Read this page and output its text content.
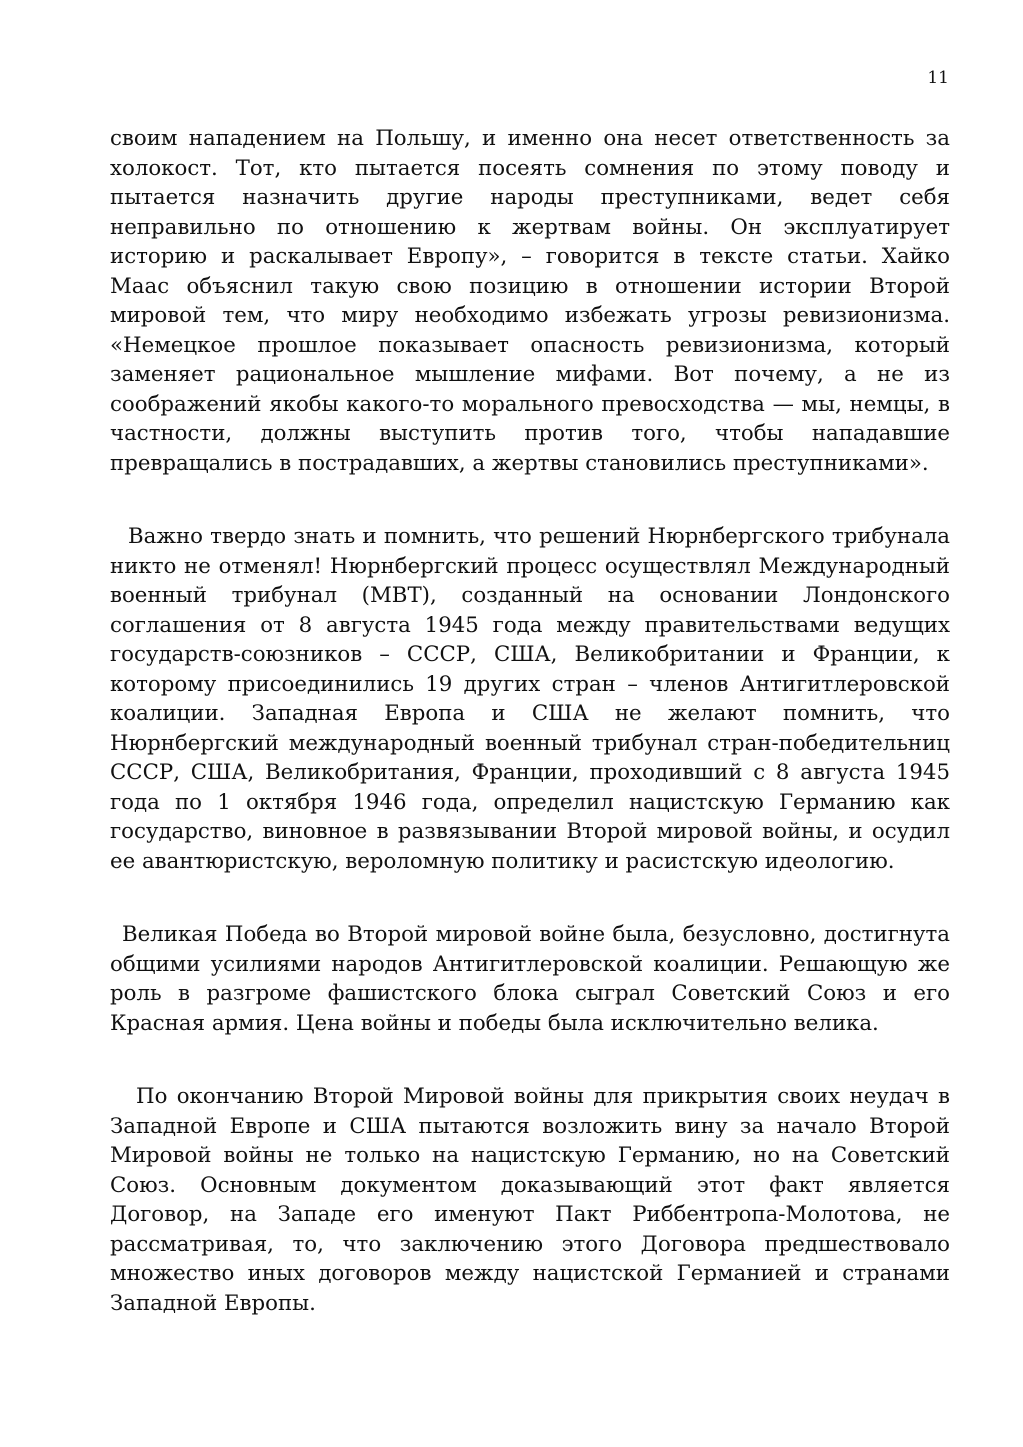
11

своим нападением на Польшу, и именно она несет ответственность за холокост. Тот, кто пытается посеять сомнения по этому поводу и пытается назначить другие народы преступниками, ведет себя неправильно по отношению к жертвам войны. Он эксплуатирует историю и раскалывает Европу», – говорится в тексте статьи. Хайко Маас объяснил такую свою позицию в отношении истории Второй мировой тем, что миру необходимо избежать угрозы ревизионизма. «Немецкое прошлое показывает опасность ревизионизма, который заменяет рациональное мышление мифами. Вот почему, а не из соображений якобы какого-то морального превосходства — мы, немцы, в частности, должны выступить против того, чтобы нападавшие превращались в пострадавших, а жертвы становились преступниками».

Важно твердо знать и помнить, что решений Нюрнбергского трибунала никто не отменял! Нюрнбергский процесс осуществлял Международный военный трибунал (МВТ), созданный на основании Лондонского соглашения от 8 августа 1945 года между правительствами ведущих государств-союзников – СССР, США, Великобритании и Франции, к которому присоединились 19 других стран – членов Антигитлеровской коалиции. Западная Европа и США не желают помнить, что Нюрнбергский международный военный трибунал стран-победительниц СССР, США, Великобритания, Франции, проходивший с 8 августа 1945 года по 1 октября 1946 года, определил нацистскую Германию как государство, виновное в развязывании Второй мировой войны, и осудил ее авантюристскую, вероломную политику и расистскую идеологию.

Великая Победа во Второй мировой войне была, безусловно, достигнута общими усилиями народов Антигитлеровской коалиции. Решающую же роль в разгроме фашистского блока сыграл Советский Союз и его Красная армия. Цена войны и победы была исключительно велика.

По окончанию Второй Мировой войны для прикрытия своих неудач в Западной Европе и США пытаются возложить вину за начало Второй Мировой войны не только на нацистскую Германию, но на Советский Союз. Основным документом доказывающий этот факт является Договор, на Западе его именуют Пакт Риббентропа-Молотова, не рассматривая, то, что заключению этого Договора предшествовало множество иных договоров между нацистской Германией и странами Западной Европы.
